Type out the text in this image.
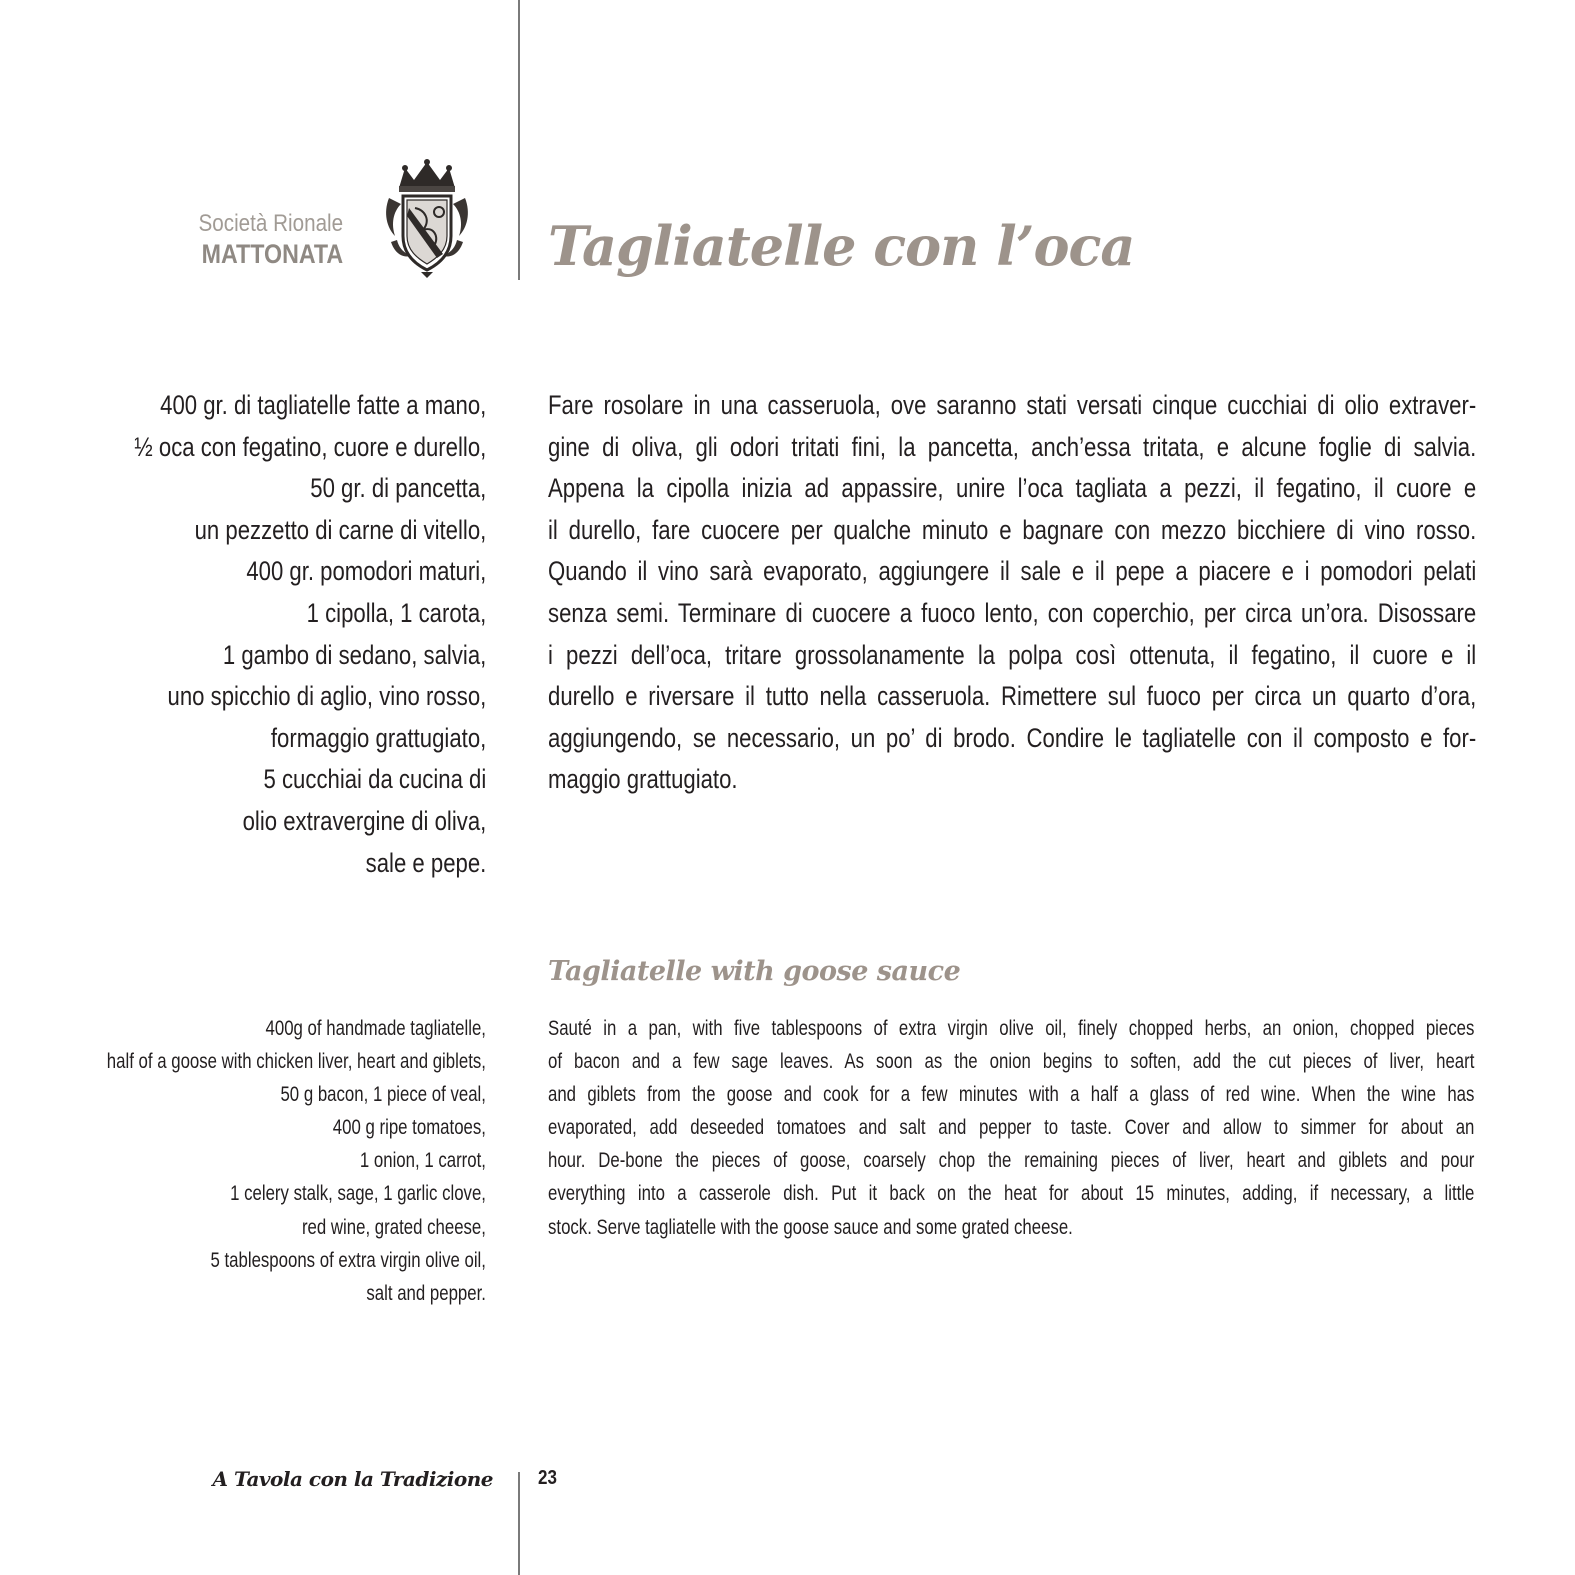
Società Rionale
MATTONATA	Tagliatelle con l’oca
400 gr. di tagliatelle fatte a mano,
½ oca con fegatino, cuore e durello,
50 gr. di pancetta,
un pezzetto di carne di vitello,
400 gr. pomodori maturi,
1 cipolla, 1 carota,
1 gambo di sedano, salvia,
uno spicchio di aglio, vino rosso,
formaggio grattugiato,
5 cucchiai da cucina di
olio extravergine di oliva,
sale e pepe.
Fare rosolare in una casseruola, ove saranno stati versati cinque cucchiai di olio extraver-
gine di oliva, gli odori tritati fini, la pancetta, anch’essa tritata, e alcune foglie di salvia.
Appena la cipolla inizia ad appassire, unire l’oca tagliata a pezzi, il fegatino, il cuore e
il durello, fare cuocere per qualche minuto e bagnare con mezzo bicchiere di vino rosso.
Quando il vino sarà evaporato, aggiungere il sale e il pepe a piacere e i pomodori pelati
senza semi. Terminare di cuocere a fuoco lento, con coperchio, per circa un’ora. Disossare
i pezzi dell’oca, tritare grossolanamente la polpa così ottenuta, il fegatino, il cuore e il
durello e riversare il tutto nella casseruola. Rimettere sul fuoco per circa un quarto d’ora,
aggiungendo, se necessario, un po’ di brodo. Condire le tagliatelle con il composto e for-
maggio grattugiato.
Tagliatelle with goose sauce
400g of handmade tagliatelle,
half of a goose with chicken liver, heart and giblets,
50 g bacon, 1 piece of veal,
400 g ripe tomatoes,
1 onion, 1 carrot,
1 celery stalk, sage, 1 garlic clove,
red wine, grated cheese,
5 tablespoons of extra virgin olive oil,
salt and pepper.
Sauté in a pan, with five tablespoons of extra virgin olive oil, finely chopped herbs, an onion, chopped pieces
of bacon and a few sage leaves. As soon as the onion begins to soften, add the cut pieces of liver, heart
and giblets from the goose and cook for a few minutes with a half a glass of red wine. When the wine has
evaporated, add deseeded tomatoes and salt and pepper to taste. Cover and allow to simmer for about an
hour. De-bone the pieces of goose, coarsely chop the remaining pieces of liver, heart and giblets and pour
everything into a casserole dish. Put it back on the heat for about 15 minutes, adding, if necessary, a little
stock. Serve tagliatelle with the goose sauce and some grated cheese.
A Tavola con la Tradizione 23
